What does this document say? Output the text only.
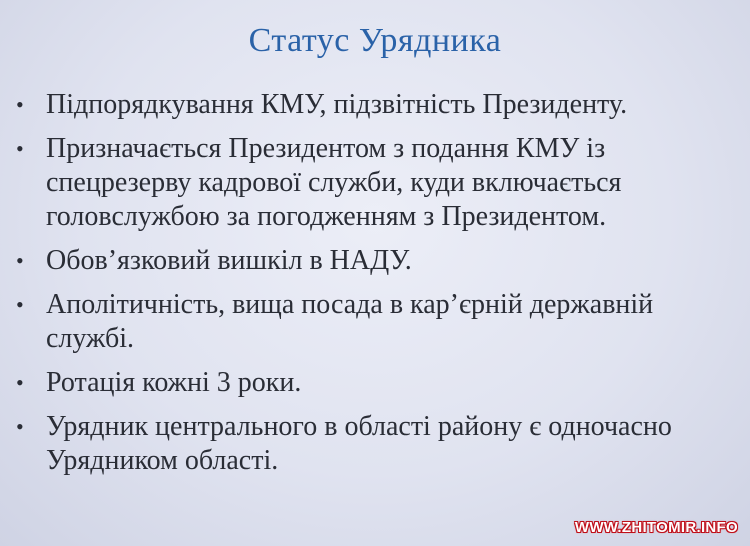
Статус Урядника
• Підпорядкування КМУ, підзвітність Президенту.
• Призначається Президентом з подання КМУ із спецрезерву кадрової служби, куди включається головслужбою за погодженням з Президентом.
• Обов’язковий вишкіл в НАДУ.
• Аполітичність, вища посада в кар’єрній державній службі.
• Ротація кожні 3 роки.
• Урядник центрального в області району є одночасно Урядником області.
WWW.ZHITOMIR.INFO
